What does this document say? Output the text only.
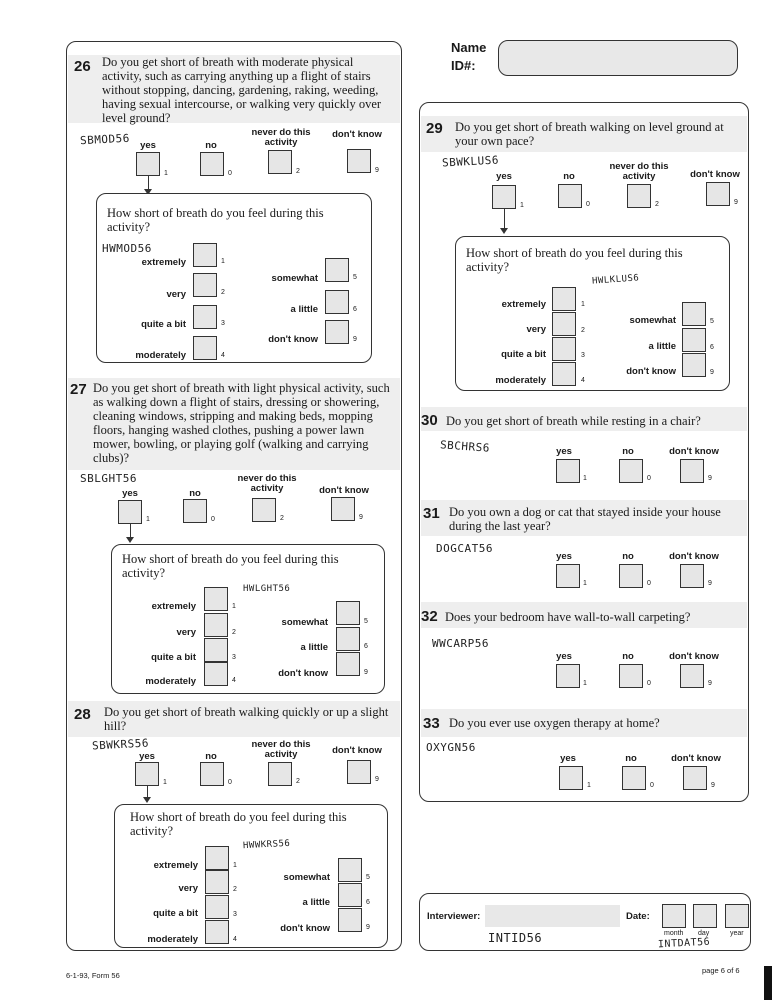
Name
ID#:
26 Do you get short of breath with moderate physical activity, such as carrying anything up a flight of stairs without stopping, dancing, gardening, raking, weeding, having sexual intercourse, or walking very quickly over level ground?
SBMOD56	yes
1
no
0
never do this activity
2
don't know
9
How short of breath do you feel during this activity?
HWMOD56
extremely	1
very	2
quite a bit	3
moderately	4
somewhat	5
a little	6
don't know	9
27 Do you get short of breath with light physical activity, such as walking down a flight of stairs, dressing or showering, cleaning windows, stripping and making beds, mopping floors, hanging washed clothes, pushing a power lawn mower, bowling, or playing golf (walking and carrying clubs)?
SBLGHT56
yes
1
no
0
never do this activity
2
don't know
9
How short of breath do you feel during this activity?
HWLGHT56
extremely	1
very	2
quite a bit	3
moderately	4
somewhat	5
a little	6
don't know	9
28 Do you get short of breath walking quickly or up a slight hill?
SBWKRS56
yes
1
no
0
never do this activity
2
don't know
9
How short of breath do you feel during this activity?
HWWKRS56
extremely	1
very	2
quite a bit	3
moderately	4
somewhat	5
a little	6
don't know	9
29 Do you get short of breath walking on level ground at your own pace?
SBWKLUS6
yes
1
no
0
never do this activity
2
don't know
9
How short of breath do you feel during this activity?
HWLKLUS6
extremely	1
very	2
quite a bit	3
moderately	4
somewhat	5
a little	6
don't know	9
30 Do you get short of breath while resting in a chair?
SBCHRS6	yes
1
no
0
don't know
9
31 Do you own a dog or cat that stayed inside your house during the last year?
DOGCAT56
yes
1
no
0
don't know
9
32 Does your bedroom have wall-to-wall carpeting?
WWCARP56
yes
1
no
0
don't know
9
33 Do you ever use oxygen therapy at home?
OXYGN56
yes
1
no
0
don't know
9
Interviewer:
INTID56
Date:
month day	year
INTDAT56
6-1-93, Form 56
page 6 of 6
